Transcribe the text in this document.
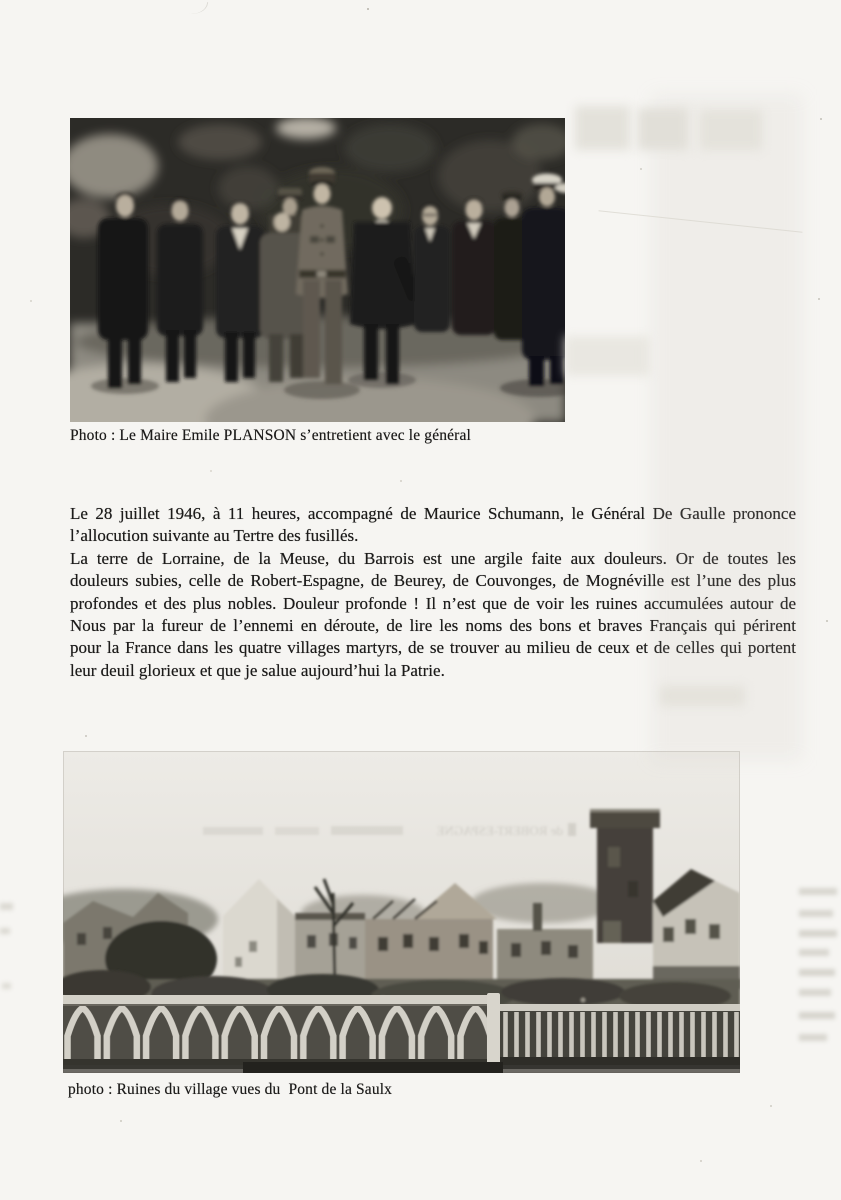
Photo : Le Maire Emile PLANSON s’entretient avec le général
Le 28 juillet 1946, à 11 heures, accompagné de Maurice Schumann, le Général De Gaulle prononce
l’allocution suivante au Tertre des fusillés.
La terre de Lorraine, de la Meuse, du Barrois est une argile faite aux douleurs. Or de toutes les
douleurs subies, celle de Robert-Espagne, de Beurey, de Couvonges, de Mognéville est l’une des plus
profondes et des plus nobles. Douleur profonde ! Il n’est que de voir les ruines accumulées autour de
Nous par la fureur de l’ennemi en déroute, de lire les noms des bons et braves Français qui périrent
pour la France dans les quatre villages martyrs, de se trouver au milieu de ceux et de celles qui portent
leur deuil glorieux et que je salue aujourd’hui la Patrie.
de ROBERT-ESPAGNE
photo : Ruines du village vues du  Pont de la Saulx
